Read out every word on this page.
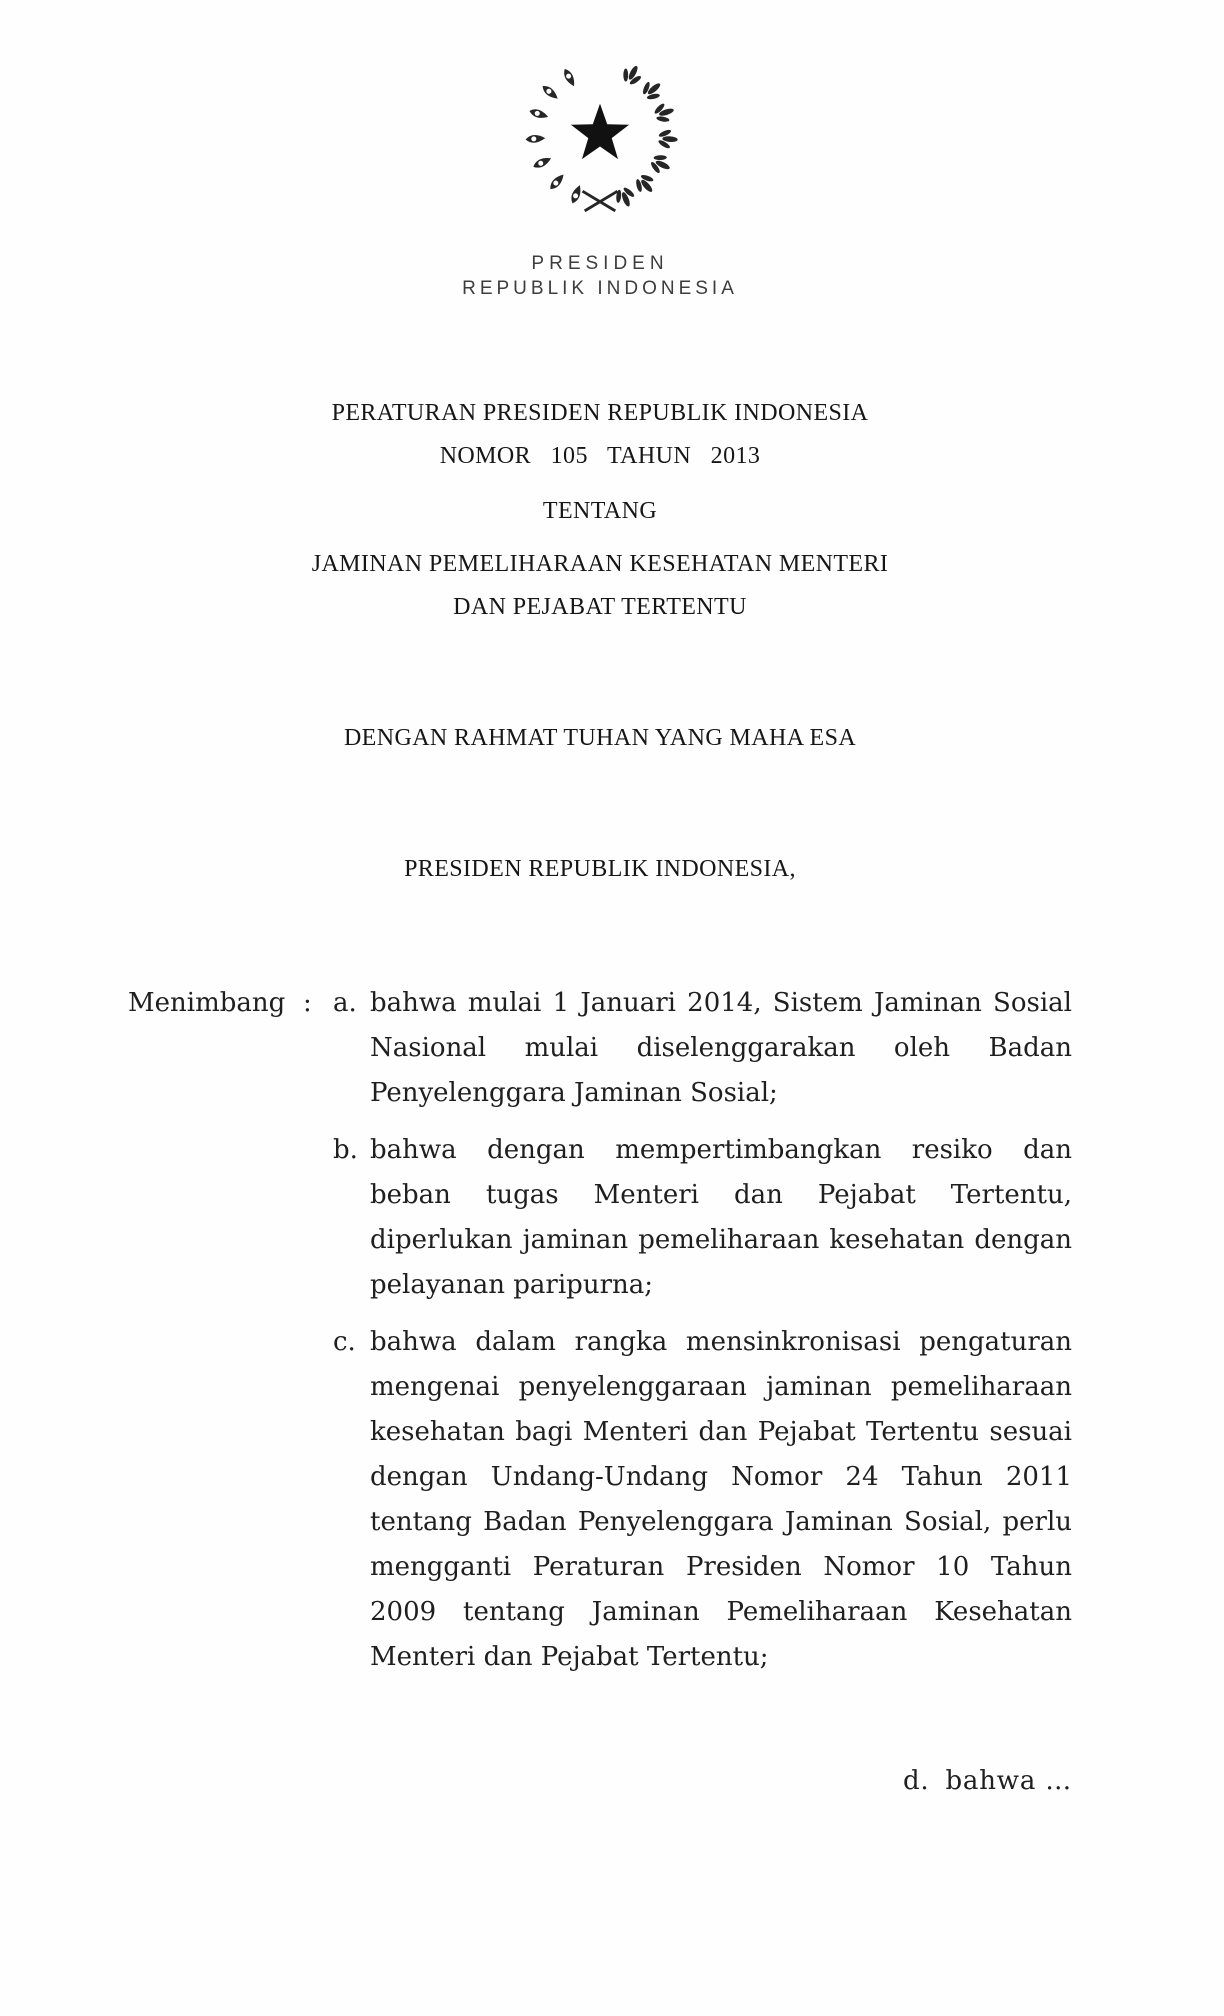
PRESIDEN
REPUBLIK INDONESIA
PERATURAN PRESIDEN REPUBLIK INDONESIA
NOMOR 105 TAHUN 2013
TENTANG
JAMINAN PEMELIHARAAN KESEHATAN MENTERI
DAN PEJABAT TERTENTU
DENGAN RAHMAT TUHAN YANG MAHA ESA
PRESIDEN REPUBLIK INDONESIA,
Menimbang : a. bahwa mulai 1 Januari 2014, Sistem Jaminan Sosial Nasional mulai diselenggarakan oleh Badan Penyelenggara Jaminan Sosial;
b. bahwa dengan mempertimbangkan resiko dan beban tugas Menteri dan Pejabat Tertentu, diperlukan jaminan pemeliharaan kesehatan dengan pelayanan paripurna;
c. bahwa dalam rangka mensinkronisasi pengaturan mengenai penyelenggaraan jaminan pemeliharaan kesehatan bagi Menteri dan Pejabat Tertentu sesuai dengan Undang-Undang Nomor 24 Tahun 2011 tentang Badan Penyelenggara Jaminan Sosial, perlu mengganti Peraturan Presiden Nomor 10 Tahun 2009 tentang Jaminan Pemeliharaan Kesehatan Menteri dan Pejabat Tertentu;
d. bahwa …
